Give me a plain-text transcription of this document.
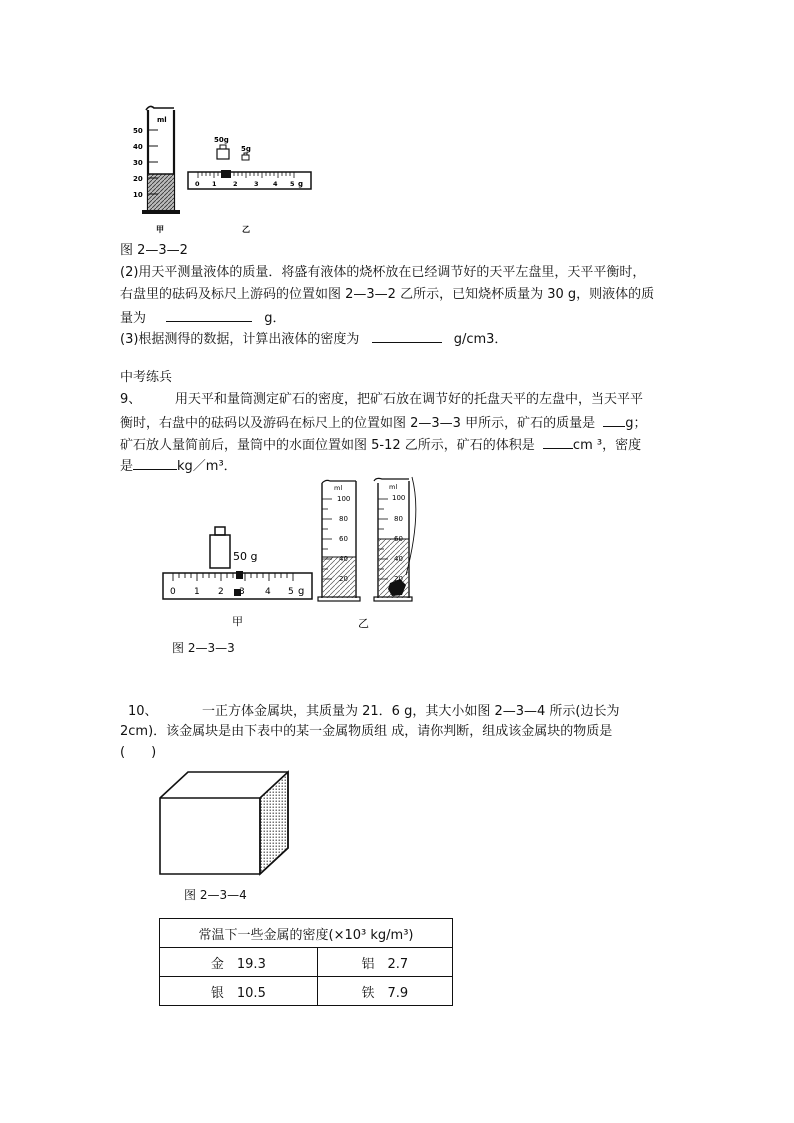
ml
50
40
30
20
10
50g
5g
0 1	2	3 4 5 g
甲	乙
图 2—3—2
(2)用天平测量液体的质量．将盛有液体的烧杯放在已经调节好的天平左盘里，天平平衡时，
右盘里的砝码及标尺上游码的位置如图 2—3—2 乙所示，已知烧杯质量为 30 g，则液体的质
量为	g．
(3)根据测得的数据，计算出液体的密度为	g/cm3．
中考练兵
9、	用天平和量筒测定矿石的密度，把矿石放在调节好的托盘天平的左盘中，当天平平
衡时，右盘中的砝码以及游码在标尺上的位置如图 2—3—3 甲所示，矿石的质量是 g；
矿石放人量简前后，量筒中的水面位置如图 5-12 乙所示，矿石的体积是	cm ³，密度
是	kg／m³．
50 g
0 1 2 3 4 5 g
ml
100
80
60
40
20
ml
100
80
60
40
20
甲	乙
图 2—3—3
10、	一正方体金属块，其质量为 21．6 g，其大小如图 2—3—4 所示(边长为
2cm)．该金属块是由下表中的某一金属物质组 成，请你判断，组成该金属块的物质是
(　　)
图 2—3—4
常温下一些金属的密度(×10³ kg/m³)	
金　19.3	铝　2.7
银　10.5	铁　7.9
